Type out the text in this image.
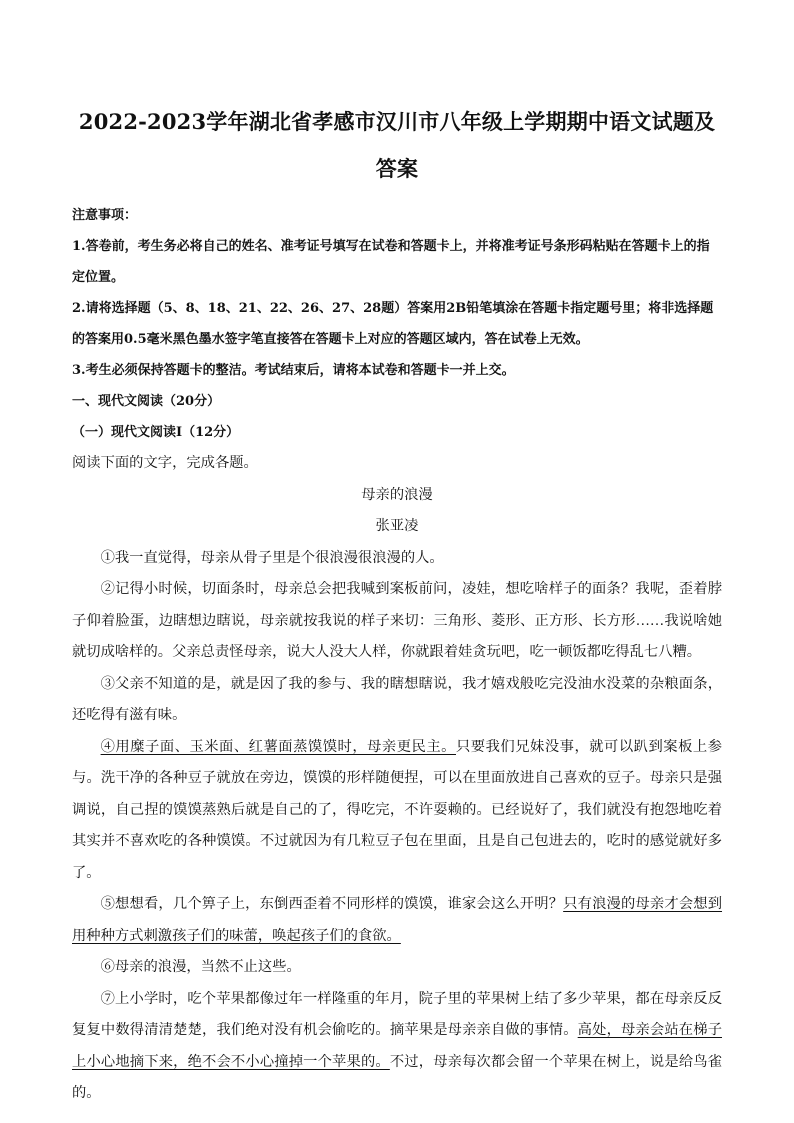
2022-2023学年湖北省孝感市汉川市八年级上学期期中语文试题及答案

注意事项：

1.答卷前，考生务必将自己的姓名、准考证号填写在试卷和答题卡上，并将准考证号条形码粘贴在答题卡上的指定位置。

2.请将选择题（5、8、18、21、22、26、27、28题）答案用2B铅笔填涂在答题卡指定题号里；将非选择题的答案用0.5毫米黑色墨水签字笔直接答在答题卡上对应的答题区域内，答在试卷上无效。

3.考生必须保持答题卡的整洁。考试结束后，请将本试卷和答题卡一并上交。

一、现代文阅读（20分）

（一）现代文阅读Ⅰ（12分）

阅读下面的文字，完成各题。

母亲的浪漫

张亚凌

①我一直觉得，母亲从骨子里是个很浪漫很浪漫的人。

②记得小时候，切面条时，母亲总会把我喊到案板前问，凌娃，想吃啥样子的面条？我呢，歪着脖子仰着脸蛋，边瞎想边瞎说，母亲就按我说的样子来切：三角形、菱形、正方形、长方形……我说啥她就切成啥样的。父亲总责怪母亲，说大人没大人样，你就跟着娃贪玩吧，吃一顿饭都吃得乱七八糟。

③父亲不知道的是，就是因了我的参与、我的瞎想瞎说，我才嬉戏般吃完没油水没菜的杂粮面条，还吃得有滋有味。

④用糜子面、玉米面、红薯面蒸馍馍时，母亲更民主。只要我们兄妹没事，就可以趴到案板上参与。洗干净的各种豆子就放在旁边，馍馍的形样随便捏，可以在里面放进自己喜欢的豆子。母亲只是强调说，自己捏的馍馍蒸熟后就是自己的了，得吃完，不许耍赖的。已经说好了，我们就没有抱怨地吃着其实并不喜欢吃的各种馍馍。不过就因为有几粒豆子包在里面，且是自己包进去的，吃时的感觉就好多了。

⑤想想看，几个箅子上，东倒西歪着不同形样的馍馍，谁家会这么开明？只有浪漫的母亲才会想到用种种方式刺激孩子们的味蕾，唤起孩子们的食欲。

⑥母亲的浪漫，当然不止这些。

⑦上小学时，吃个苹果都像过年一样隆重的年月，院子里的苹果树上结了多少苹果，都在母亲反反复复中数得清清楚楚，我们绝对没有机会偷吃的。摘苹果是母亲亲自做的事情。高处，母亲会站在梯子上小心地摘下来，绝不会不小心撞掉一个苹果的。不过，母亲每次都会留一个苹果在树上，说是给鸟雀的。
